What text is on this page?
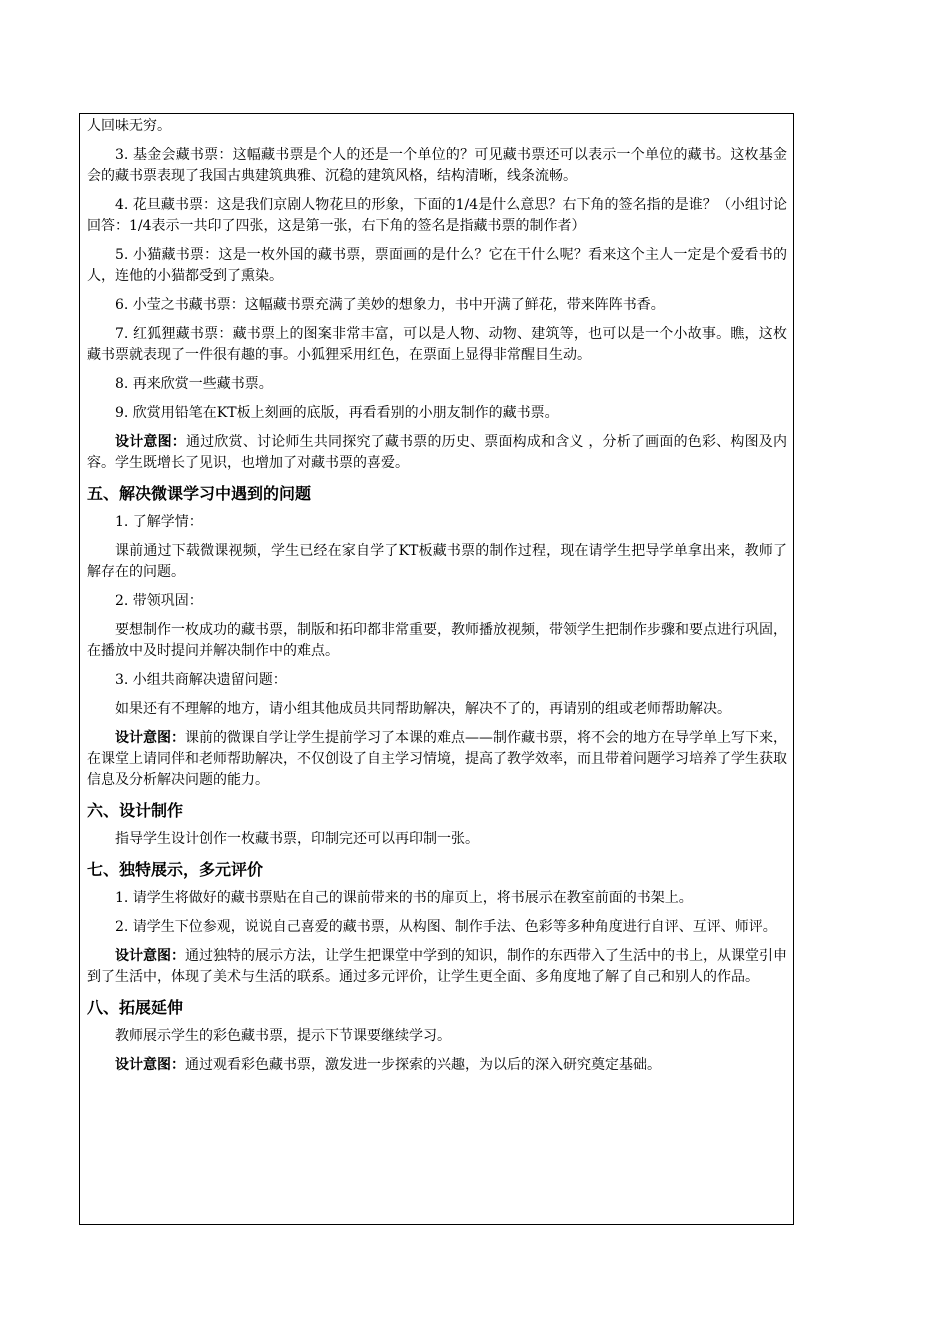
人回味无穷。
3. 基金会藏书票：这幅藏书票是个人的还是一个单位的？可见藏书票还可以表示一个单位的藏书。这枚基金会的藏书票表现了我国古典建筑典雅、沉稳的建筑风格，结构清晰，线条流畅。
4. 花旦藏书票：这是我们京剧人物花旦的形象，下面的1/4是什么意思？右下角的签名指的是谁？（小组讨论回答：1/4表示一共印了四张，这是第一张，右下角的签名是指藏书票的制作者）
5. 小猫藏书票：这是一枚外国的藏书票，票面画的是什么？它在干什么呢？看来这个主人一定是个爱看书的人，连他的小猫都受到了熏染。
6. 小莹之书藏书票：这幅藏书票充满了美妙的想象力，书中开满了鲜花，带来阵阵书香。
7. 红狐狸藏书票：藏书票上的图案非常丰富，可以是人物、动物、建筑等，也可以是一个小故事。瞧，这枚藏书票就表现了一件很有趣的事。小狐狸采用红色，在票面上显得非常醒目生动。
8. 再来欣赏一些藏书票。
9. 欣赏用铅笔在KT板上刻画的底版，再看看别的小朋友制作的藏书票。
设计意图：通过欣赏、讨论师生共同探究了藏书票的历史、票面构成和含义 ，分析了画面的色彩、构图及内容。学生既增长了见识，也增加了对藏书票的喜爱。
五、解决微课学习中遇到的问题
1. 了解学情：
课前通过下载微课视频，学生已经在家自学了KT板藏书票的制作过程，现在请学生把导学单拿出来，教师了解存在的问题。
2. 带领巩固：
要想制作一枚成功的藏书票，制版和拓印都非常重要，教师播放视频，带领学生把制作步骤和要点进行巩固，在播放中及时提问并解决制作中的难点。
3. 小组共商解决遗留问题：
如果还有不理解的地方，请小组其他成员共同帮助解决，解决不了的，再请别的组或老师帮助解决。
设计意图：课前的微课自学让学生提前学习了本课的难点——制作藏书票，将不会的地方在导学单上写下来，在课堂上请同伴和老师帮助解决，不仅创设了自主学习情境，提高了教学效率，而且带着问题学习培养了学生获取信息及分析解决问题的能力。
六、设计制作
指导学生设计创作一枚藏书票，印制完还可以再印制一张。
七、独特展示，多元评价
1. 请学生将做好的藏书票贴在自己的课前带来的书的扉页上，将书展示在教室前面的书架上。
2. 请学生下位参观，说说自己喜爱的藏书票，从构图、制作手法、色彩等多种角度进行自评、互评、师评。
设计意图：通过独特的展示方法，让学生把课堂中学到的知识，制作的东西带入了生活中的书上，从课堂引申到了生活中，体现了美术与生活的联系。通过多元评价，让学生更全面、多角度地了解了自己和别人的作品。
八、拓展延伸
教师展示学生的彩色藏书票，提示下节课要继续学习。
设计意图：通过观看彩色藏书票，激发进一步探索的兴趣，为以后的深入研究奠定基础。
